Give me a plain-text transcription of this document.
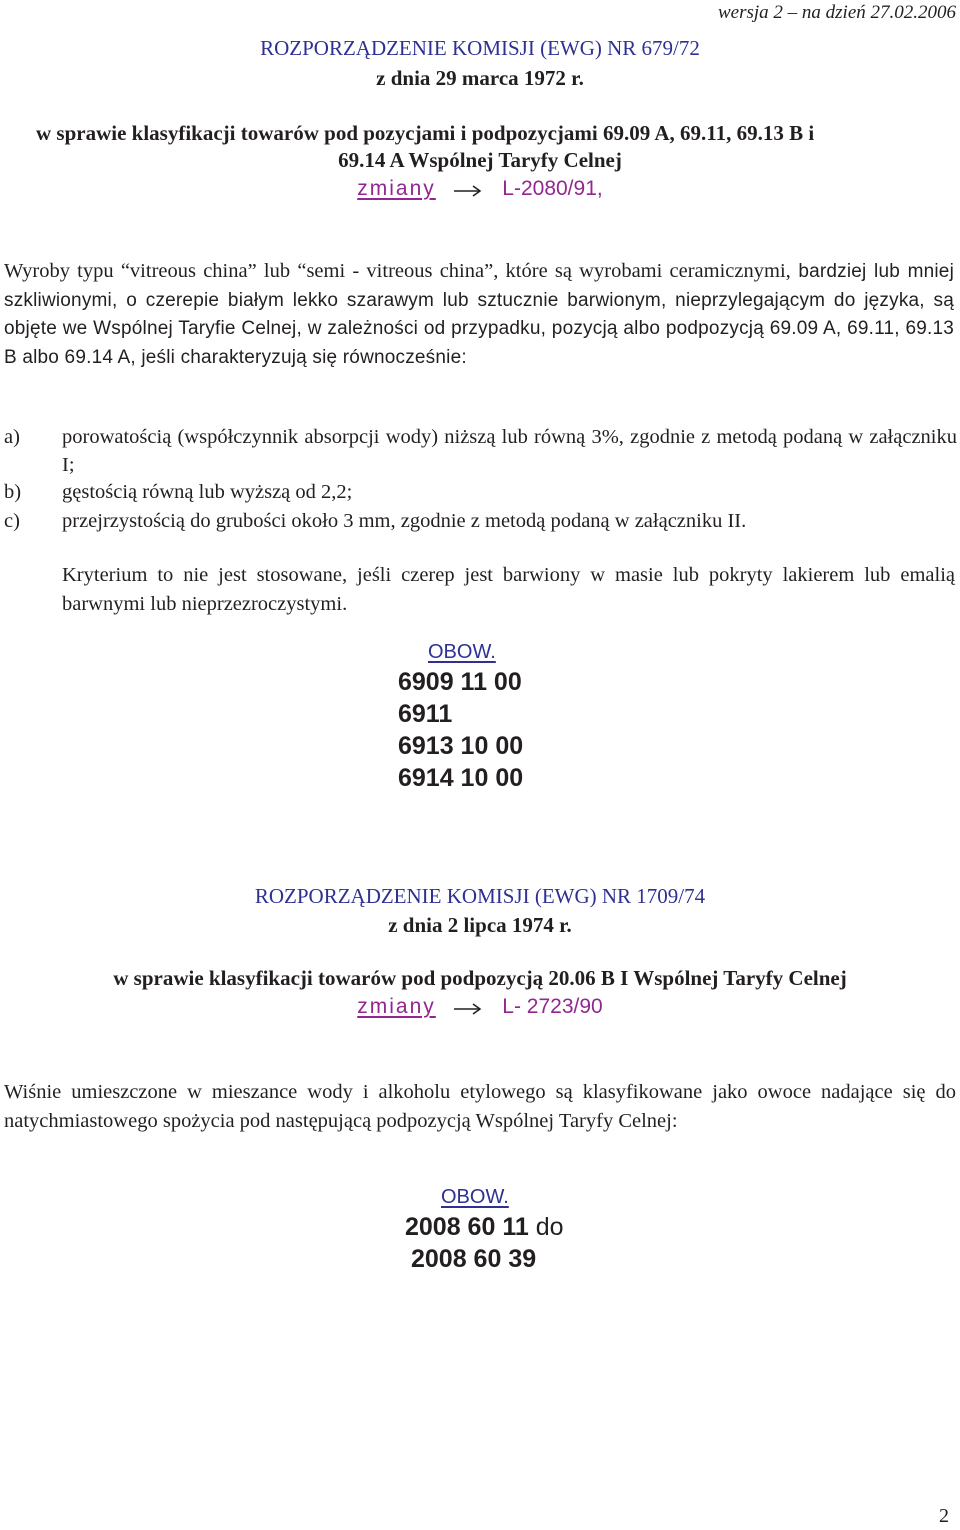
wersja 2 – na dzień 27.02.2006
ROZPORZĄDZENIE KOMISJI (EWG) NR 679/72
z dnia 29 marca 1972 r.
w sprawie klasyfikacji towarów pod pozycjami i podpozycjami 69.09 A, 69.11, 69.13 B i
69.14 A Wspólnej Taryfy Celnej
zmiany	L-2080/91,
Wyroby typu “vitreous china” lub “semi - vitreous china”, które są wyrobami ceramicznymi, bardziej lub mniej szkliwionymi, o czerepie białym lekko szarawym lub sztucznie barwionym, nieprzylegającym do języka, są objęte we Wspólnej Taryfie Celnej, w zależności od przypadku, pozycją albo podpozycją 69.09 A, 69.11, 69.13 B albo 69.14 A, jeśli charakteryzują się równocześnie:
a) porowatością (współczynnik absorpcji wody) niższą lub równą 3%, zgodnie z metodą podaną w załączniku I;
b) gęstością równą lub wyższą od 2,2;
c) przejrzystością do grubości około 3 mm, zgodnie z metodą podaną w załączniku II.
Kryterium to nie jest stosowane, jeśli czerep jest barwiony w masie lub pokryty lakierem lub emalią barwnymi lub nieprzezroczystymi.
OBOW.
6909 11 00
6911
6913 10 00
6914 10 00
ROZPORZĄDZENIE KOMISJI (EWG) NR 1709/74
z dnia 2 lipca 1974 r.
w sprawie klasyfikacji towarów pod podpozycją 20.06 B I Wspólnej Taryfy Celnej
zmiany	L- 2723/90
Wiśnie umieszczone w mieszance wody i alkoholu etylowego są klasyfikowane jako owoce nadające się do natychmiastowego spożycia pod następującą podpozycją Wspólnej Taryfy Celnej:
OBOW.
2008 60 11 do
2008 60 39
2
